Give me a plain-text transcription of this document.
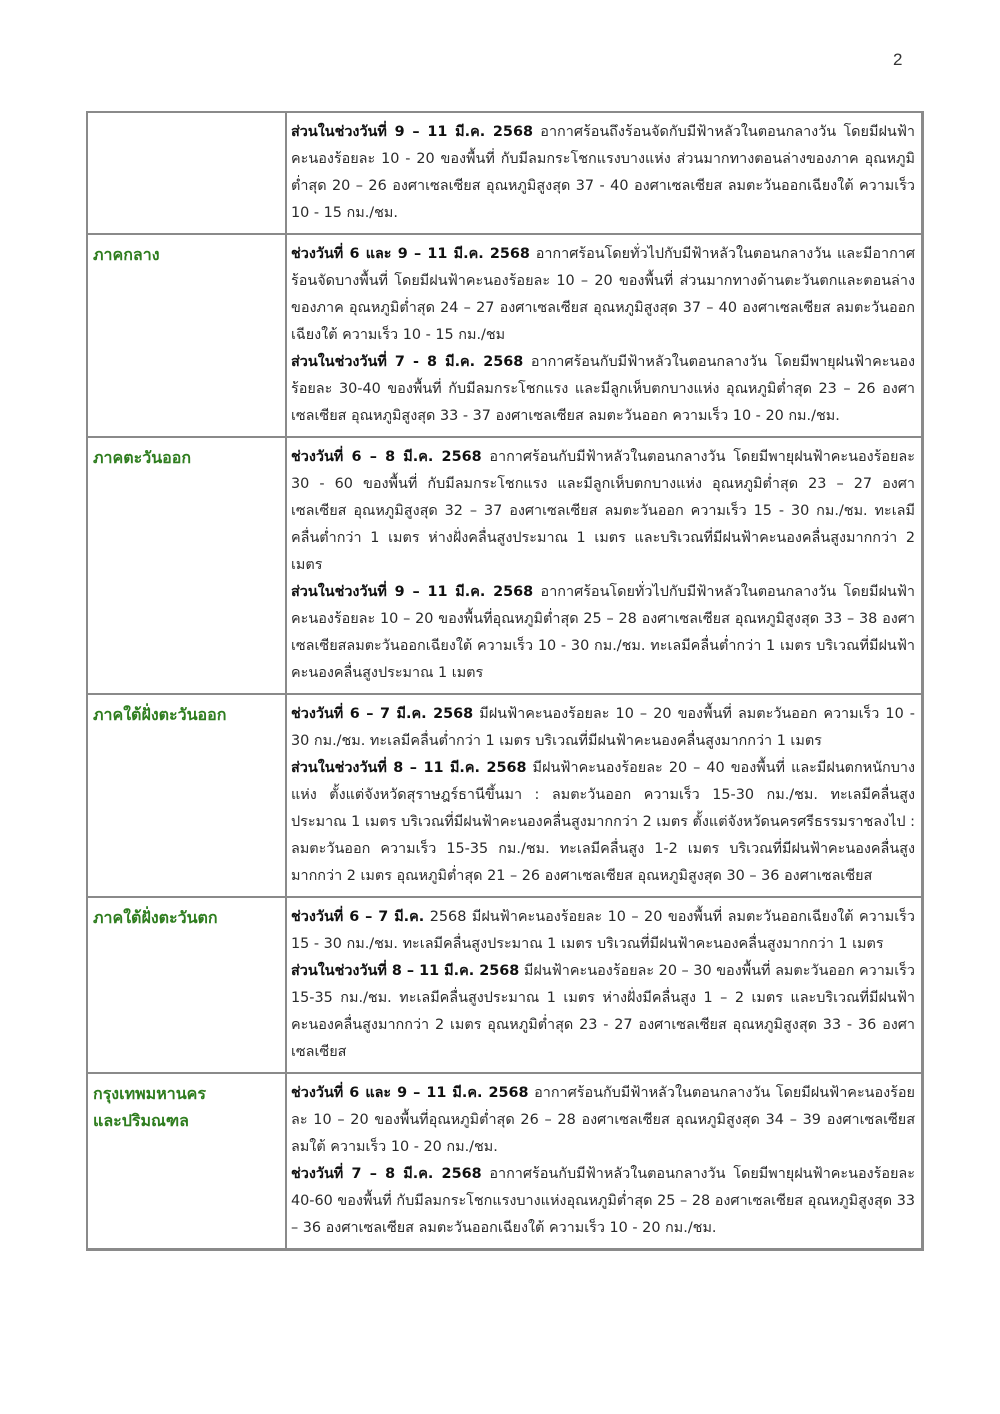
2

	ส่วนในช่วงวันที่ 9 – 11 มี.ค. 2568 อากาศร้อนถึงร้อนจัดกับมีฟ้าหลัวในตอนกลางวัน โดยมีฝนฟ้าคะนองร้อยละ 10 - 20 ของพื้นที่ กับมีลมกระโชกแรงบางแห่ง ส่วนมากทางตอนล่างของภาค อุณหภูมิต่ำสุด 20 – 26 องศาเซลเซียส อุณหภูมิสูงสุด 37 - 40 องศาเซลเซียส ลมตะวันออกเฉียงใต้ ความเร็ว 10 - 15 กม./ชม.

ภาคกลาง	ช่วงวันที่ 6 และ 9 – 11 มี.ค. 2568 อากาศร้อนโดยทั่วไปกับมีฟ้าหลัวในตอนกลางวัน และมีอากาศร้อนจัดบางพื้นที่ โดยมีฝนฟ้าคะนองร้อยละ 10 – 20 ของพื้นที่ ส่วนมากทางด้านตะวันตกและตอนล่างของภาค อุณหภูมิต่ำสุด 24 – 27 องศาเซลเซียส อุณหภูมิสูงสุด 37 – 40 องศาเซลเซียส ลมตะวันออกเฉียงใต้ ความเร็ว 10 - 15 กม./ชม
ส่วนในช่วงวันที่ 7 - 8 มี.ค. 2568 อากาศร้อนกับมีฟ้าหลัวในตอนกลางวัน โดยมีพายุฝนฟ้าคะนองร้อยละ 30-40 ของพื้นที่ กับมีลมกระโชกแรง และมีลูกเห็บตกบางแห่ง อุณหภูมิต่ำสุด 23 – 26 องศาเซลเซียส อุณหภูมิสูงสุด 33 - 37 องศาเซลเซียส ลมตะวันออก ความเร็ว 10 - 20 กม./ชม.

ภาคตะวันออก	ช่วงวันที่ 6 – 8 มี.ค. 2568 อากาศร้อนกับมีฟ้าหลัวในตอนกลางวัน โดยมีพายุฝนฟ้าคะนองร้อยละ 30 - 60 ของพื้นที่ กับมีลมกระโชกแรง และมีลูกเห็บตกบางแห่ง อุณหภูมิต่ำสุด 23 – 27 องศาเซลเซียส อุณหภูมิสูงสุด 32 – 37 องศาเซลเซียส ลมตะวันออก ความเร็ว 15 - 30 กม./ชม. ทะเลมีคลื่นต่ำกว่า 1 เมตร ห่างฝั่งคลื่นสูงประมาณ 1 เมตร และบริเวณที่มีฝนฟ้าคะนองคลื่นสูงมากกว่า 2 เมตร
ส่วนในช่วงวันที่ 9 – 11 มี.ค. 2568 อากาศร้อนโดยทั่วไปกับมีฟ้าหลัวในตอนกลางวัน โดยมีฝนฟ้าคะนองร้อยละ 10 – 20 ของพื้นที่อุณหภูมิต่ำสุด 25 – 28 องศาเซลเซียส อุณหภูมิสูงสุด 33 – 38 องศาเซลเซียสลมตะวันออกเฉียงใต้ ความเร็ว 10 - 30 กม./ชม. ทะเลมีคลื่นต่ำกว่า 1 เมตร บริเวณที่มีฝนฟ้าคะนองคลื่นสูงประมาณ 1 เมตร

ภาคใต้ฝั่งตะวันออก	ช่วงวันที่ 6 – 7 มี.ค. 2568 มีฝนฟ้าคะนองร้อยละ 10 – 20 ของพื้นที่ ลมตะวันออก ความเร็ว 10 - 30 กม./ชม. ทะเลมีคลื่นต่ำกว่า 1 เมตร บริเวณที่มีฝนฟ้าคะนองคลื่นสูงมากกว่า 1 เมตร
ส่วนในช่วงวันที่ 8 – 11 มี.ค. 2568 มีฝนฟ้าคะนองร้อยละ 20 – 40 ของพื้นที่ และมีฝนตกหนักบางแห่ง ตั้งแต่จังหวัดสุราษฎร์ธานีขึ้นมา : ลมตะวันออก ความเร็ว 15-30 กม./ชม. ทะเลมีคลื่นสูงประมาณ 1 เมตร บริเวณที่มีฝนฟ้าคะนองคลื่นสูงมากกว่า 2 เมตร ตั้งแต่จังหวัดนครศรีธรรมราชลงไป : ลมตะวันออก ความเร็ว 15-35 กม./ชม. ทะเลมีคลื่นสูง 1-2 เมตร บริเวณที่มีฝนฟ้าคะนองคลื่นสูงมากกว่า 2 เมตร อุณหภูมิต่ำสุด 21 – 26 องศาเซลเซียส อุณหภูมิสูงสุด 30 – 36 องศาเซลเซียส

ภาคใต้ฝั่งตะวันตก	ช่วงวันที่ 6 – 7 มี.ค. 2568 มีฝนฟ้าคะนองร้อยละ 10 – 20 ของพื้นที่ ลมตะวันออกเฉียงใต้ ความเร็ว 15 - 30 กม./ชม. ทะเลมีคลื่นสูงประมาณ 1 เมตร บริเวณที่มีฝนฟ้าคะนองคลื่นสูงมากกว่า 1 เมตร
ส่วนในช่วงวันที่ 8 – 11 มี.ค. 2568 มีฝนฟ้าคะนองร้อยละ 20 – 30 ของพื้นที่ ลมตะวันออก ความเร็ว 15-35 กม./ชม. ทะเลมีคลื่นสูงประมาณ 1 เมตร ห่างฝั่งมีคลื่นสูง 1 – 2 เมตร และบริเวณที่มีฝนฟ้าคะนองคลื่นสูงมากกว่า 2 เมตร อุณหภูมิต่ำสุด 23 - 27 องศาเซลเซียส อุณหภูมิสูงสุด 33 - 36 องศาเซลเซียส

กรุงเทพมหานคร
และปริมณฑล	ช่วงวันที่ 6 และ 9 – 11 มี.ค. 2568 อากาศร้อนกับมีฟ้าหลัวในตอนกลางวัน โดยมีฝนฟ้าคะนองร้อยละ 10 – 20 ของพื้นที่อุณหภูมิต่ำสุด 26 – 28 องศาเซลเซียส อุณหภูมิสูงสุด 34 – 39 องศาเซลเซียส ลมใต้ ความเร็ว 10 - 20 กม./ชม.
ช่วงวันที่ 7 – 8 มี.ค. 2568 อากาศร้อนกับมีฟ้าหลัวในตอนกลางวัน โดยมีพายุฝนฟ้าคะนองร้อยละ 40-60 ของพื้นที่ กับมีลมกระโชกแรงบางแห่งอุณหภูมิต่ำสุด 25 – 28 องศาเซลเซียส อุณหภูมิสูงสุด 33 – 36 องศาเซลเซียส ลมตะวันออกเฉียงใต้ ความเร็ว 10 - 20 กม./ชม.
